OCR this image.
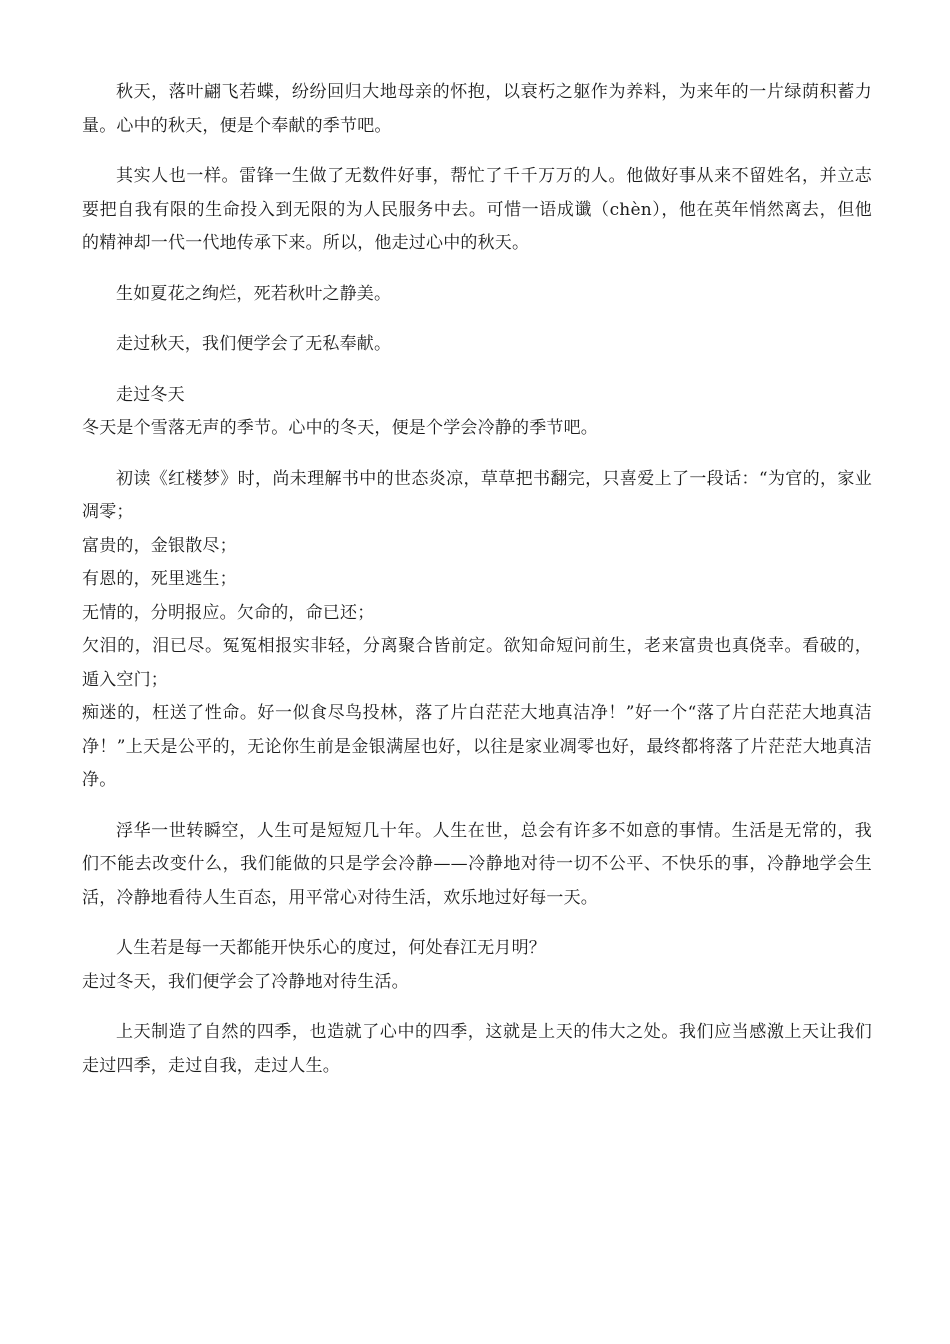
秋天，落叶翩飞若蝶，纷纷回归大地母亲的怀抱，以衰朽之躯作为养料，为来年的一片绿荫积蓄力量。心中的秋天，便是个奉献的季节吧。

其实人也一样。雷锋一生做了无数件好事，帮忙了千千万万的人。他做好事从来不留姓名，并立志要把自我有限的生命投入到无限的为人民服务中去。可惜一语成谶（chèn），他在英年悄然离去，但他的精神却一代一代地传承下来。所以，他走过心中的秋天。

生如夏花之绚烂，死若秋叶之静美。

走过秋天，我们便学会了无私奉献。

走过冬天

冬天是个雪落无声的季节。心中的冬天，便是个学会冷静的季节吧。

初读《红楼梦》时，尚未理解书中的世态炎凉，草草把书翻完，只喜爱上了一段话：“为官的，家业凋零；

富贵的，金银散尽；

有恩的，死里逃生；

无情的，分明报应。欠命的，命已还；

欠泪的，泪已尽。冤冤相报实非轻，分离聚合皆前定。欲知命短问前生，老来富贵也真侥幸。看破的，遁入空门；

痴迷的，枉送了性命。好一似食尽鸟投林，落了片白茫茫大地真洁净！”好一个“落了片白茫茫大地真洁净！”上天是公平的，无论你生前是金银满屋也好，以往是家业凋零也好，最终都将落了片茫茫大地真洁净。

浮华一世转瞬空，人生可是短短几十年。人生在世，总会有许多不如意的事情。生活是无常的，我们不能去改变什么，我们能做的只是学会冷静——冷静地对待一切不公平、不快乐的事，冷静地学会生活，冷静地看待人生百态，用平常心对待生活，欢乐地过好每一天。

人生若是每一天都能开快乐心的度过，何处春江无月明？

走过冬天，我们便学会了冷静地对待生活。

上天制造了自然的四季，也造就了心中的四季，这就是上天的伟大之处。我们应当感激上天让我们走过四季，走过自我，走过人生。
